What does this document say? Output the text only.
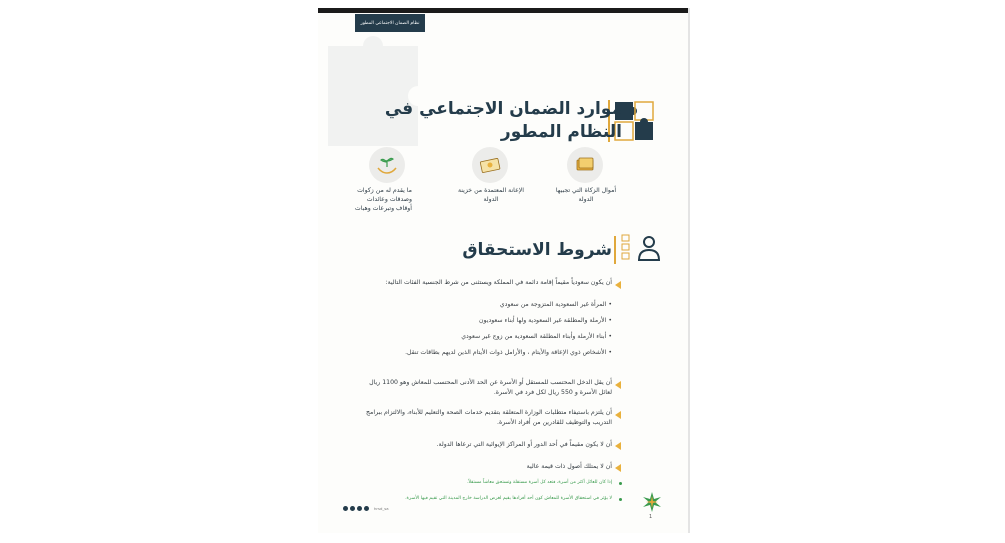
نظام الضمان الاجتماعي المطور
موارد الضمان الاجتماعي في النظام المطور
أموال الزكاة التي تجبيها الدولة
الإعانة المعتمدة من خزينة الدولة
ما يقدم له من زكوات وصدقات وعائدات أوقاف وتبرعات وهبات
شروط الاستحقاق
أن يكون سعودياً مقيماً إقامة دائمة في المملكة ويستثنى من شرط الجنسية الفئات التالية:
• المرأة غير السعودية المتزوجة من سعودي
• الأرملة والمطلقة غير السعودية ولها أبناء سعوديون
• أبناء الأرملة وأبناء المطلقة السعودية من زوج غير سعودي
• الأشخاص ذوي الإعاقة والأيتام ، والأرامل ذوات الأيتام الذين لديهم بطاقات تنقل.
أن يقل الدخل المحتسب للمستقل أو الأسرة عن الحد الأدنى المحتسب للمعاش وهو 1100 ريال لعائل الأسرة و 550 ريال لكل فرد في الأسرة.
أن يلتزم باستيفاء متطلبات الوزارة المتعلقة بتقديم خدمات الصحة والتعليم للأبناء، والالتزام ببرامج التدريب والتوظيف للقادرين من أفراد الأسرة.
أن لا يكون مقيماً في أحد الدور أو المراكز الإيوائية التي ترعاها الدولة.
أن لا يمتلك أصول ذات قيمة عالية
إذا كان للعائل أكثر من أسرة، فتعد كل أسرة مستقلة وتستحق معاشاً مستقلاً.
لا يؤثر في استحقاق الأسرة للمعاش كون أحد أفرادها يقيم لغرض الدراسة خارج المدينة التي تقيم فيها الأسرة.
hrsd_sa
1
